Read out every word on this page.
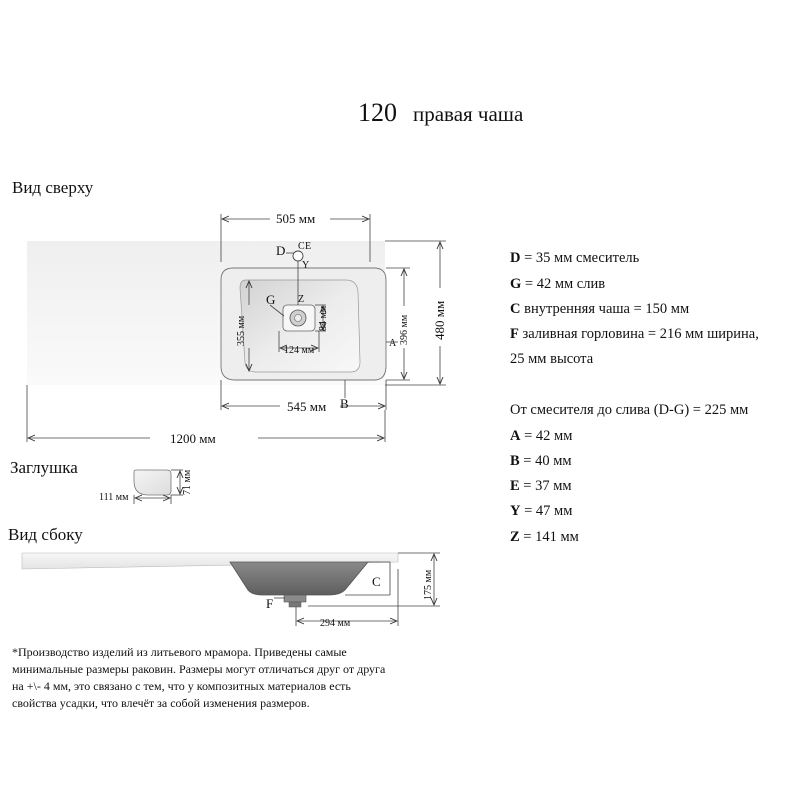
120 правая чаша
Вид сверху
505 мм
545 мм
1200 мм
480 мм
396 мм
355 мм
124 мм
84 мм
D C E
Y
G Z
A
B
Заглушка
111 мм
71 мм
Вид сбоку
175 мм
C
F
294 мм
D = 35 мм смеситель
G = 42 мм слив
C внутренняя чаша = 150 мм
F заливная горловина = 216 мм ширина,
25 мм высота
От смесителя до слива (D-G) = 225 мм
A = 42 мм
B = 40 мм
E = 37 мм
Y = 47 мм
Z = 141 мм
*Производство изделий из литьевого мрамора. Приведены самые
минимальные размеры раковин. Размеры могут отличаться друг от друга
на +\- 4 мм, это связано с тем, что у композитных материалов есть
свойства усадки, что влечёт за собой изменения размеров.
